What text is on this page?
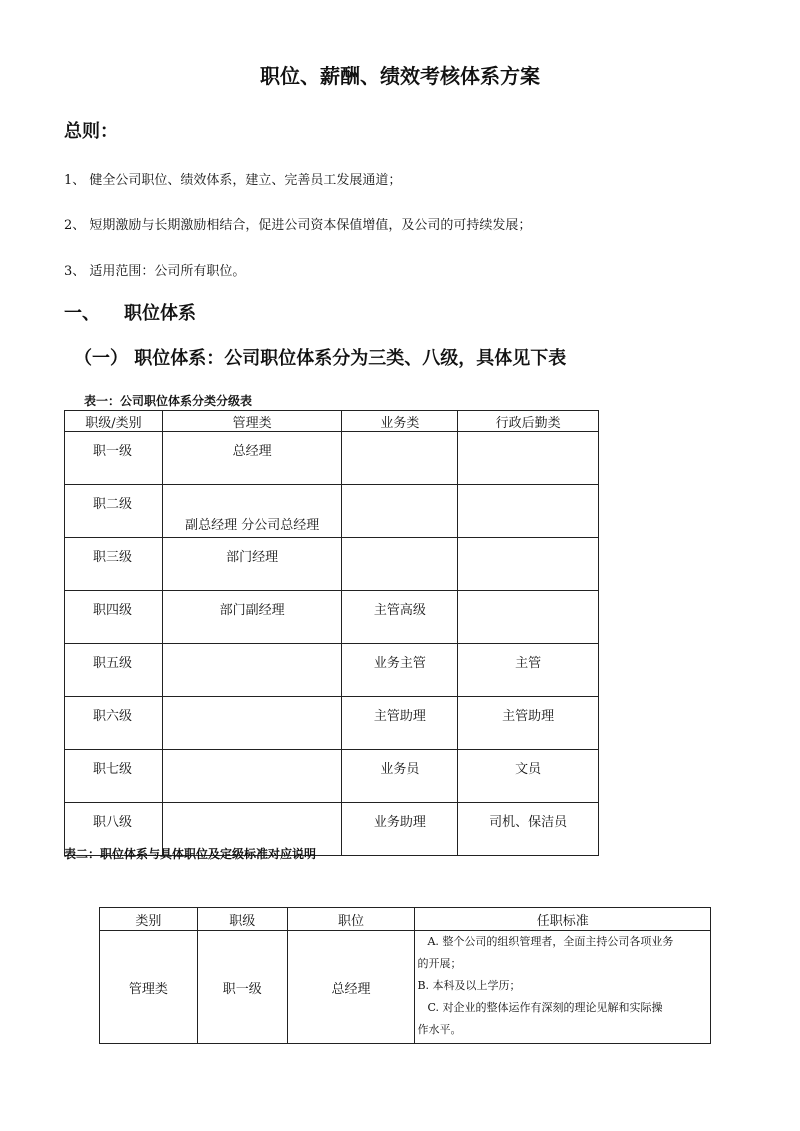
职位、薪酬、绩效考核体系方案
总则：
1、 健全公司职位、绩效体系，建立、完善员工发展通道；
2、 短期激励与长期激励相结合，促进公司资本保值增值，及公司的可持续发展；
3、 适用范围：公司所有职位。
一、 职位体系
（一） 职位体系：公司职位体系分为三类、八级，具体见下表
表一：公司职位体系分类分级表
职级/类别	管理类	业务类	行政后勤类
职一级	总经理		
职二级	副总经理 分公司总经理		
职三级	部门经理		
职四级	部门副经理	主管高级	
职五级		业务主管	主管
职六级		主管助理	主管助理
职七级		业务员	文员
职八级		业务助理	司机、保洁员
表二：职位体系与具体职位及定级标准对应说明
类别	职级	职位	任职标准
管理类	职一级	总经理	A. 整个公司的组织管理者，全面主持公司各项业务
的开展；
B. 本科及以上学历；
C. 对企业的整体运作有深刻的理论见解和实际操
作水平。
